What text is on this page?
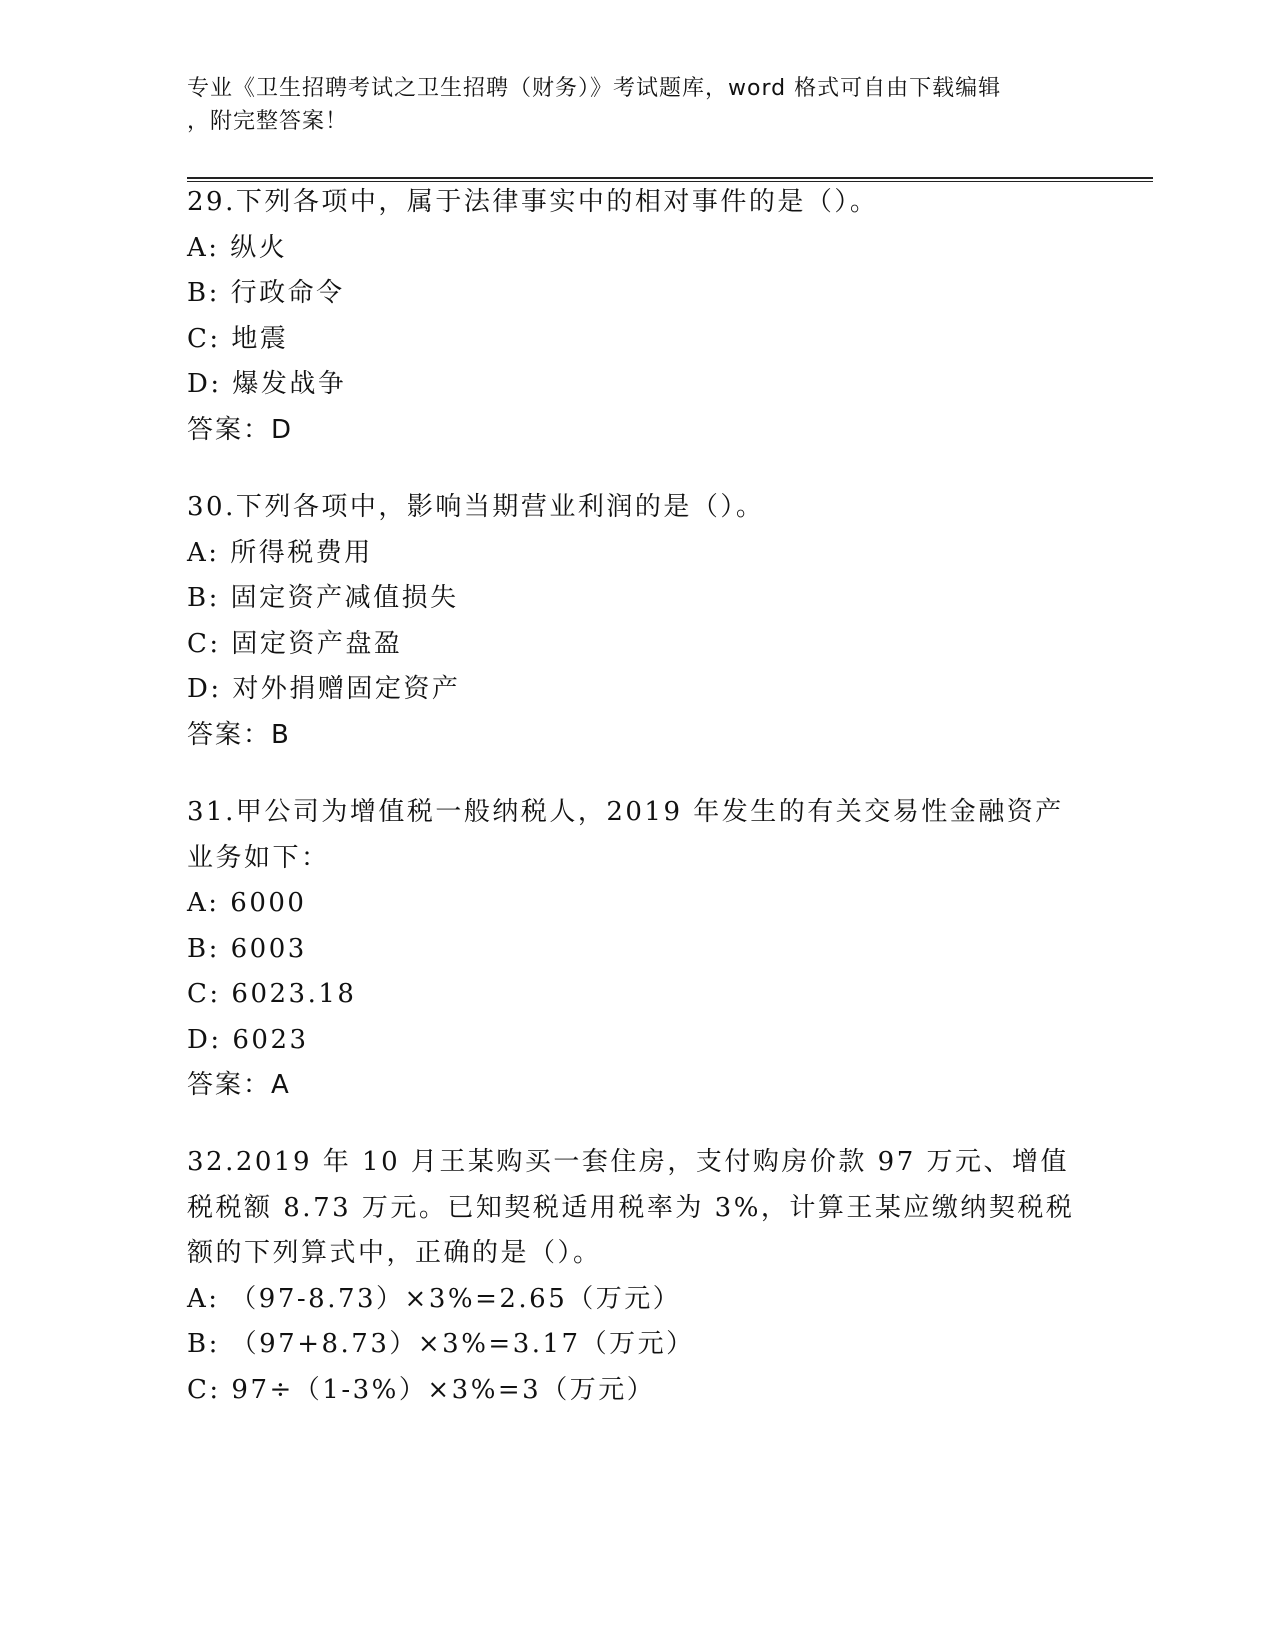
专业《卫生招聘考试之卫生招聘（财务）》考试题库，word 格式可自由下载编辑
，附完整答案！
29.下列各项中，属于法律事实中的相对事件的是（）。
A: 纵火
B: 行政命令
C: 地震
D: 爆发战争
答案：D
30.下列各项中，影响当期营业利润的是（）。
A: 所得税费用
B: 固定资产减值损失
C: 固定资产盘盈
D: 对外捐赠固定资产
答案：B
31.甲公司为增值税一般纳税人，2019 年发生的有关交易性金融资产业务如下：
A: 6000
B: 6003
C: 6023.18
D: 6023
答案：A
32.2019 年 10 月王某购买一套住房，支付购房价款 97 万元、增值税税额 8.73 万元。已知契税适用税率为 3%，计算王某应缴纳契税税额的下列算式中，正确的是（）。
A: （97-8.73）×3%=2.65（万元）
B: （97+8.73）×3%=3.17（万元）
C: 97÷（1-3%）×3%=3（万元）
